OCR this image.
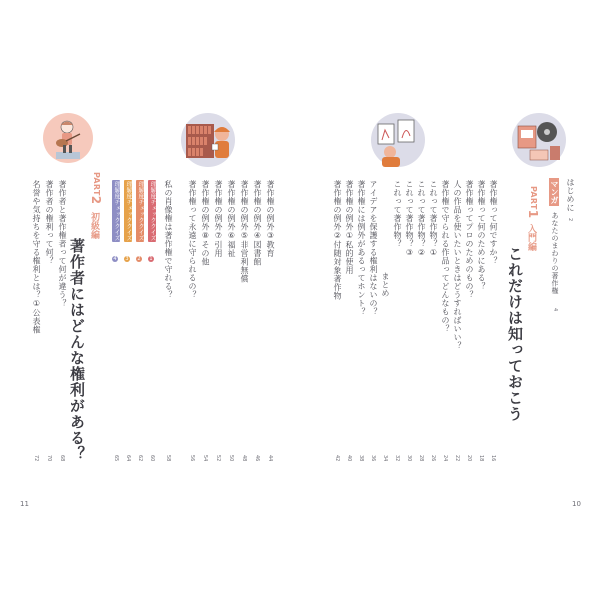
PART2
初級編
著作者にはどんな権利がある？
著作者と著作権者って何が違う？
68
著作者の権利って何？
70
名誉や気持ちを守る権利とは？①公表権
72
理解度チェッククイズ
1
60
理解度チェッククイズ
2
62
理解度チェッククイズ
3
64
理解度チェッククイズ
4
65
著作権の例外③教育
44
著作権の例外④図書館
46
著作権の例外⑤非営利無償
48
著作権の例外⑥福祉
50
著作権の例外⑦引用
52
著作権の例外⑧その他
54
著作権って永遠に守られるの？
56
私の肖像権は著作権で守れる？
58
11
はじめに
2
マンガ
あなたのまわりの著作権
4
PART1
入門編
これだけは知っておこう
著作権って何ですか？
16
著作権って何のためにある？
18
著作権ってプロのためのもの？
20
人の作品を使いたいときはどうすればいい？
22
著作権で守られる作品ってどんなもの？
24
これって著作物？①
26
これって著作物？②
28
これって著作物？③
30
これって著作物？
32
まとめ
34
アイデアを保護する権利はないの？
36
著作権には例外があるってホント？
38
著作権の例外①私的使用
40
著作権の例外②付随対象著作物
42
10
